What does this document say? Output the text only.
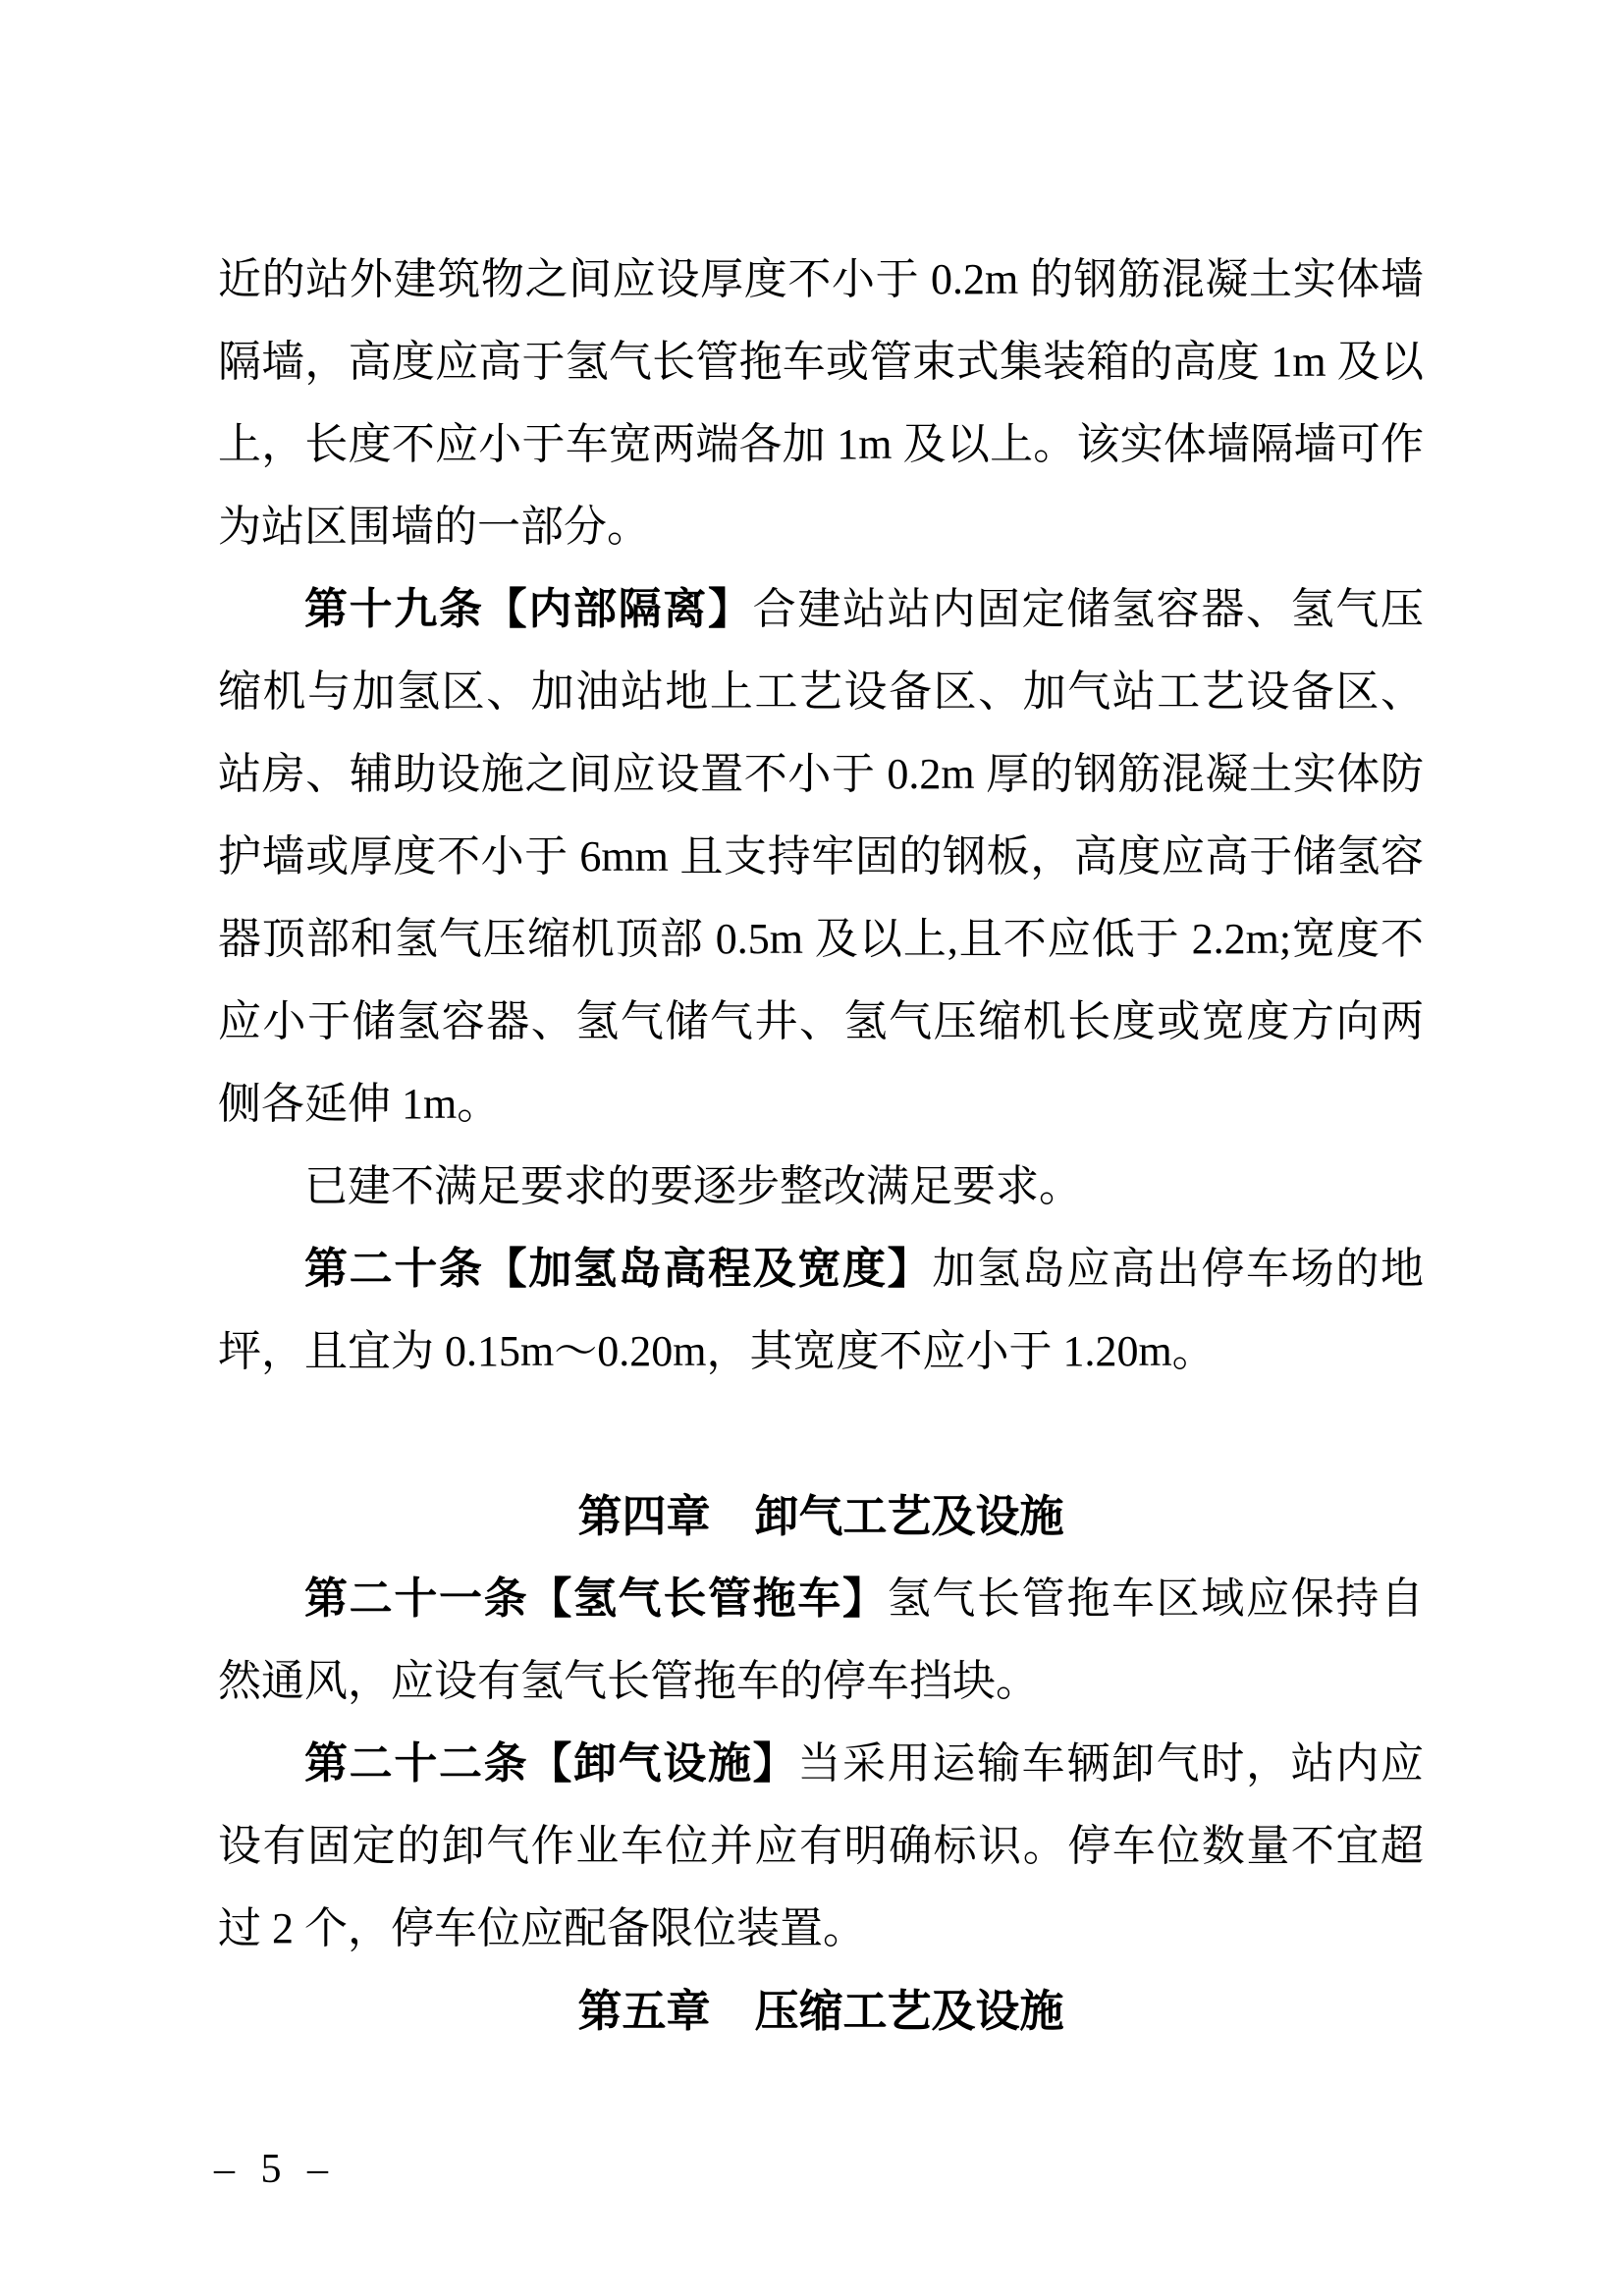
近的站外建筑物之间应设厚度不小于 0.2m 的钢筋混凝土实体墙隔墙，高度应高于氢气长管拖车或管束式集装箱的高度 1m 及以上，长度不应小于车宽两端各加 1m 及以上。该实体墙隔墙可作为站区围墙的一部分。

第十九条【内部隔离】合建站站内固定储氢容器、氢气压缩机与加氢区、加油站地上工艺设备区、加气站工艺设备区、站房、辅助设施之间应设置不小于 0.2m 厚的钢筋混凝土实体防护墙或厚度不小于 6mm 且支持牢固的钢板，高度应高于储氢容器顶部和氢气压缩机顶部 0.5m 及以上,且不应低于 2.2m;宽度不应小于储氢容器、氢气储气井、氢气压缩机长度或宽度方向两侧各延伸 1m。

已建不满足要求的要逐步整改满足要求。

第二十条【加氢岛高程及宽度】加氢岛应高出停车场的地坪，且宜为 0.15m～0.20m，其宽度不应小于 1.20m。

第四章　卸气工艺及设施

第二十一条【氢气长管拖车】氢气长管拖车区域应保持自然通风，应设有氢气长管拖车的停车挡块。

第二十二条【卸气设施】当采用运输车辆卸气时，站内应设有固定的卸气作业车位并应有明确标识。停车位数量不宜超过 2 个，停车位应配备限位装置。

第五章　压缩工艺及设施
– 5 –
